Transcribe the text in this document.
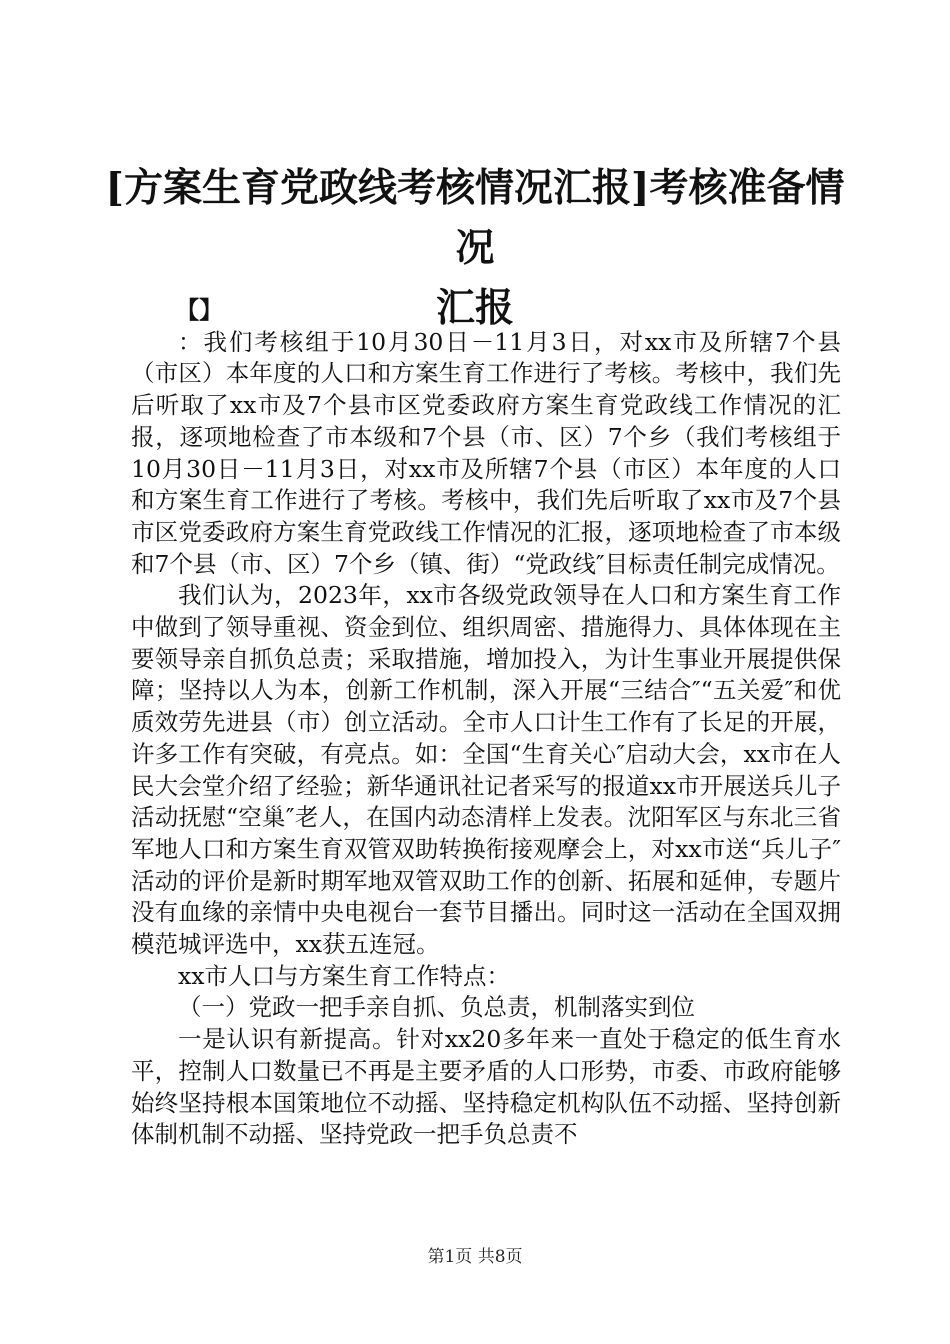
[方案生育党政线考核情况汇报]考核准备情况
汇报

【】

：我们考核组于10月30日－11月3日，对xx市及所辖7个县（市区）本年度的人口和方案生育工作进行了考核。考核中，我们先后听取了xx市及7个县市区党委政府方案生育党政线工作情况的汇报，逐项地检查了市本级和7个县（市、区）7个乡（我们考核组于10月30日－11月3日，对xx市及所辖7个县（市区）本年度的人口和方案生育工作进行了考核。考核中，我们先后听取了xx市及7个县市区党委政府方案生育党政线工作情况的汇报，逐项地检查了市本级和7个县（市、区）7个乡（镇、街）“党政线″目标责任制完成情况。

我们认为，2023年，xx市各级党政领导在人口和方案生育工作中做到了领导重视、资金到位、组织周密、措施得力、具体体现在主要领导亲自抓负总责；采取措施，增加投入，为计生事业开展提供保障；坚持以人为本，创新工作机制，深入开展“三结合″“五关爱″和优质效劳先进县（市）创立活动。全市人口计生工作有了长足的开展，许多工作有突破，有亮点。如：全国“生育关心″启动大会，xx市在人民大会堂介绍了经验；新华通讯社记者采写的报道xx市开展送兵儿子活动抚慰“空巢″老人，在国内动态清样上发表。沈阳军区与东北三省军地人口和方案生育双管双助转换衔接观摩会上，对xx市送“兵儿子″活动的评价是新时期军地双管双助工作的创新、拓展和延伸，专题片没有血缘的亲情中央电视台一套节目播出。同时这一活动在全国双拥模范城评选中，xx获五连冠。

xx市人口与方案生育工作特点：

（一）党政一把手亲自抓、负总责，机制落实到位

一是认识有新提高。针对xx20多年来一直处于稳定的低生育水平，控制人口数量已不再是主要矛盾的人口形势，市委、市政府能够始终坚持根本国策地位不动摇、坚持稳定机构队伍不动摇、坚持创新体制机制不动摇、坚持党政一把手负总责不

第1页 共8页
